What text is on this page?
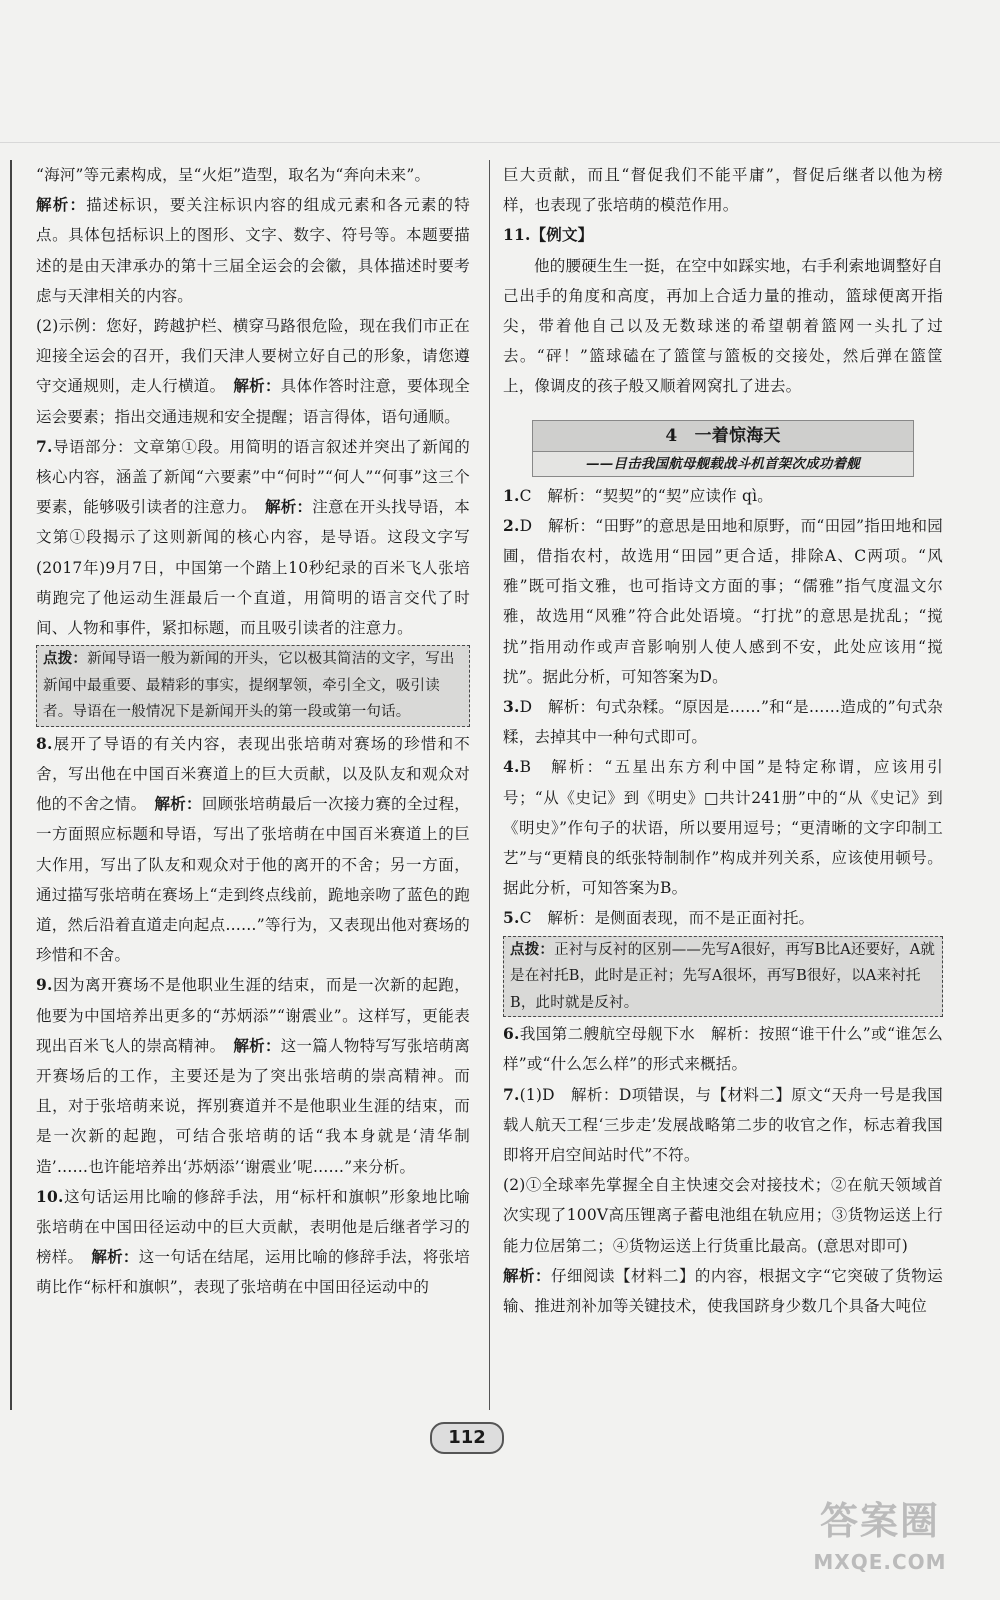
“海河”等元素构成，呈“火炬”造型，取名为“奔向未来”。

解析：描述标识，要关注标识内容的组成元素和各元素的特点。具体包括标识上的图形、文字、数字、符号等。本题要描述的是由天津承办的第十三届全运会的会徽，具体描述时要考虑与天津相关的内容。

(2)示例：您好，跨越护栏、横穿马路很危险，现在我们市正在迎接全运会的召开，我们天津人要树立好自己的形象，请您遵守交通规则，走人行横道。　 解析：具体作答时注意，要体现全运会要素；指出交通违规和安全提醒；语言得体，语句通顺。

7.导语部分：文章第①段。用简明的语言叙述并突出了新闻的核心内容，涵盖了新闻“六要素”中“何时”“何人”“何事”这三个要素，能够吸引读者的注意力。　 解析：注意在开头找导语，本文第①段揭示了这则新闻的核心内容，是导语。这段文字写(2017年)9月7日，中国第一个踏上10秒纪录的百米飞人张培萌跑完了他运动生涯最后一个直道，用简明的语言交代了时间、人物和事件，紧扣标题，而且吸引读者的注意力。

点拨：新闻导语一般为新闻的开头，它以极其简洁的文字，写出新闻中最重要、最精彩的事实，提纲挈领，牵引全文，吸引读者。导语在一般情况下是新闻开头的第一段或第一句话。

8.展开了导语的有关内容，表现出张培萌对赛场的珍惜和不舍，写出他在中国百米赛道上的巨大贡献，以及队友和观众对他的不舍之情。　 解析：回顾张培萌最后一次接力赛的全过程，一方面照应标题和导语，写出了张培萌在中国百米赛道上的巨大作用，写出了队友和观众对于他的离开的不舍；另一方面，通过描写张培萌在赛场上“走到终点线前，跪地亲吻了蓝色的跑道，然后沿着直道走向起点……”等行为，又表现出他对赛场的珍惜和不舍。

9.因为离开赛场不是他职业生涯的结束，而是一次新的起跑，他要为中国培养出更多的“苏炳添”“谢震业”。这样写，更能表现出百米飞人的崇高精神。　 解析：这一篇人物特写写张培萌离开赛场后的工作，主要还是为了突出张培萌的崇高精神。而且，对于张培萌来说，挥别赛道并不是他职业生涯的结束，而是一次新的起跑，可结合张培萌的话“我本身就是‘清华制造’……也许能培养出‘苏炳添’‘谢震业’呢……”来分析。

10.这句话运用比喻的修辞手法，用“标杆和旗帜”形象地比喻张培萌在中国田径运动中的巨大贡献，表明他是后继者学习的榜样。　 解析：这一句话在结尾，运用比喻的修辞手法，将张培萌比作“标杆和旗帜”，表现了张培萌在中国田径运动中的

巨大贡献，而且“督促我们不能平庸”，督促后继者以他为榜样，也表现了张培萌的模范作用。

11.【例文】

他的腰硬生生一挺，在空中如踩实地，右手利索地调整好自己出手的角度和高度，再加上合适力量的推动，篮球便离开指尖，带着他自己以及无数球迷的希望朝着篮网一头扎了过去。“砰！”篮球磕在了篮筐与篮板的交接处，然后弹在篮筐上，像调皮的孩子般又顺着网窝扎了进去。

4　一着惊海天
——目击我国航母舰载战斗机首架次成功着舰

1.C　解析：“契契”的“契”应读作 qì。

2.D　解析：“田野”的意思是田地和原野，而“田园”指田地和园圃，借指农村，故选用“田园”更合适，排除A、C两项。“风雅”既可指文雅，也可指诗文方面的事；“儒雅”指气度温文尔雅，故选用“风雅”符合此处语境。“打扰”的意思是扰乱；“搅扰”指用动作或声音影响别人使人感到不安，此处应该用“搅扰”。据此分析，可知答案为D。

3.D　解析：句式杂糅。“原因是……”和“是……造成的”句式杂糅，去掉其中一种句式即可。

4.B　解析：“五星出东方利中国”是特定称谓，应该用引号；“从《史记》到《明史》□共计241册”中的“从《史记》到《明史》”作句子的状语，所以要用逗号；“更清晰的文字印制工艺”与“更精良的纸张特制制作”构成并列关系，应该使用顿号。据此分析，可知答案为B。

5.C　解析：是侧面表现，而不是正面衬托。

点拨：正衬与反衬的区别——先写A很好，再写B比A还要好，A就是在衬托B，此时是正衬；先写A很坏，再写B很好，以A来衬托B，此时就是反衬。

6.我国第二艘航空母舰下水　解析：按照“谁干什么”或“谁怎么样”或“什么怎么样”的形式来概括。

7.(1)D　解析：D项错误，与【材料二】原文“天舟一号是我国载人航天工程‘三步走’发展战略第二步的收官之作，标志着我国即将开启空间站时代”不符。

(2)①全球率先掌握全自主快速交会对接技术；②在航天领域首次实现了100V高压锂离子蓄电池组在轨应用；③货物运送上行能力位居第二；④货物运送上行货重比最高。(意思对即可)

解析：仔细阅读【材料二】的内容，根据文字“它突破了货物运输、推进剂补加等关键技术，使我国跻身少数几个具备大吨位

112
答案圈
MXQE.COM
